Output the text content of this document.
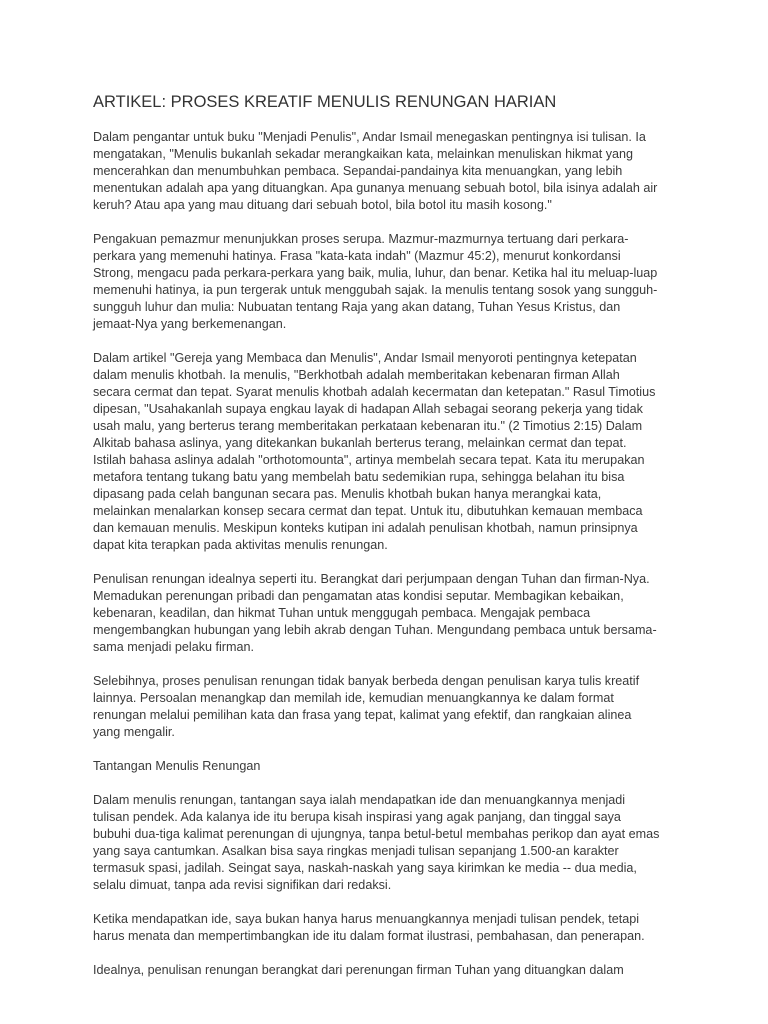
ARTIKEL: PROSES KREATIF MENULIS RENUNGAN HARIAN

Dalam pengantar untuk buku "Menjadi Penulis", Andar Ismail menegaskan pentingnya isi tulisan. Ia
mengatakan, "Menulis bukanlah sekadar merangkaikan kata, melainkan menuliskan hikmat yang
mencerahkan dan menumbuhkan pembaca. Sepandai-pandainya kita menuangkan, yang lebih
menentukan adalah apa yang dituangkan. Apa gunanya menuang sebuah botol, bila isinya adalah air
keruh? Atau apa yang mau dituang dari sebuah botol, bila botol itu masih kosong."

Pengakuan pemazmur menunjukkan proses serupa. Mazmur-mazmurnya tertuang dari perkara-
perkara yang memenuhi hatinya. Frasa "kata-kata indah" (Mazmur 45:2), menurut konkordansi
Strong, mengacu pada perkara-perkara yang baik, mulia, luhur, dan benar. Ketika hal itu meluap-luap
memenuhi hatinya, ia pun tergerak untuk menggubah sajak. Ia menulis tentang sosok yang sungguh-
sungguh luhur dan mulia: Nubuatan tentang Raja yang akan datang, Tuhan Yesus Kristus, dan
jemaat-Nya yang berkemenangan.

Dalam artikel "Gereja yang Membaca dan Menulis", Andar Ismail menyoroti pentingnya ketepatan
dalam menulis khotbah. Ia menulis, "Berkhotbah adalah memberitakan kebenaran firman Allah
secara cermat dan tepat. Syarat menulis khotbah adalah kecermatan dan ketepatan." Rasul Timotius
dipesan, "Usahakanlah supaya engkau layak di hadapan Allah sebagai seorang pekerja yang tidak
usah malu, yang berterus terang memberitakan perkataan kebenaran itu." (2 Timotius 2:15) Dalam
Alkitab bahasa aslinya, yang ditekankan bukanlah berterus terang, melainkan cermat dan tepat.
Istilah bahasa aslinya adalah "orthotomounta", artinya membelah secara tepat. Kata itu merupakan
metafora tentang tukang batu yang membelah batu sedemikian rupa, sehingga belahan itu bisa
dipasang pada celah bangunan secara pas. Menulis khotbah bukan hanya merangkai kata,
melainkan menalarkan konsep secara cermat dan tepat. Untuk itu, dibutuhkan kemauan membaca
dan kemauan menulis. Meskipun konteks kutipan ini adalah penulisan khotbah, namun prinsipnya
dapat kita terapkan pada aktivitas menulis renungan.

Penulisan renungan idealnya seperti itu. Berangkat dari perjumpaan dengan Tuhan dan firman-Nya.
Memadukan perenungan pribadi dan pengamatan atas kondisi seputar. Membagikan kebaikan,
kebenaran, keadilan, dan hikmat Tuhan untuk menggugah pembaca. Mengajak pembaca
mengembangkan hubungan yang lebih akrab dengan Tuhan. Mengundang pembaca untuk bersama-
sama menjadi pelaku firman.

Selebihnya, proses penulisan renungan tidak banyak berbeda dengan penulisan karya tulis kreatif
lainnya. Persoalan menangkap dan memilah ide, kemudian menuangkannya ke dalam format
renungan melalui pemilihan kata dan frasa yang tepat, kalimat yang efektif, dan rangkaian alinea
yang mengalir.

Tantangan Menulis Renungan

Dalam menulis renungan, tantangan saya ialah mendapatkan ide dan menuangkannya menjadi
tulisan pendek. Ada kalanya ide itu berupa kisah inspirasi yang agak panjang, dan tinggal saya
bubuhi dua-tiga kalimat perenungan di ujungnya, tanpa betul-betul membahas perikop dan ayat emas
yang saya cantumkan. Asalkan bisa saya ringkas menjadi tulisan sepanjang 1.500-an karakter
termasuk spasi, jadilah. Seingat saya, naskah-naskah yang saya kirimkan ke media -- dua media,
selalu dimuat, tanpa ada revisi signifikan dari redaksi.

Ketika mendapatkan ide, saya bukan hanya harus menuangkannya menjadi tulisan pendek, tetapi
harus menata dan mempertimbangkan ide itu dalam format ilustrasi, pembahasan, dan penerapan.

Idealnya, penulisan renungan berangkat dari perenungan firman Tuhan yang dituangkan dalam
